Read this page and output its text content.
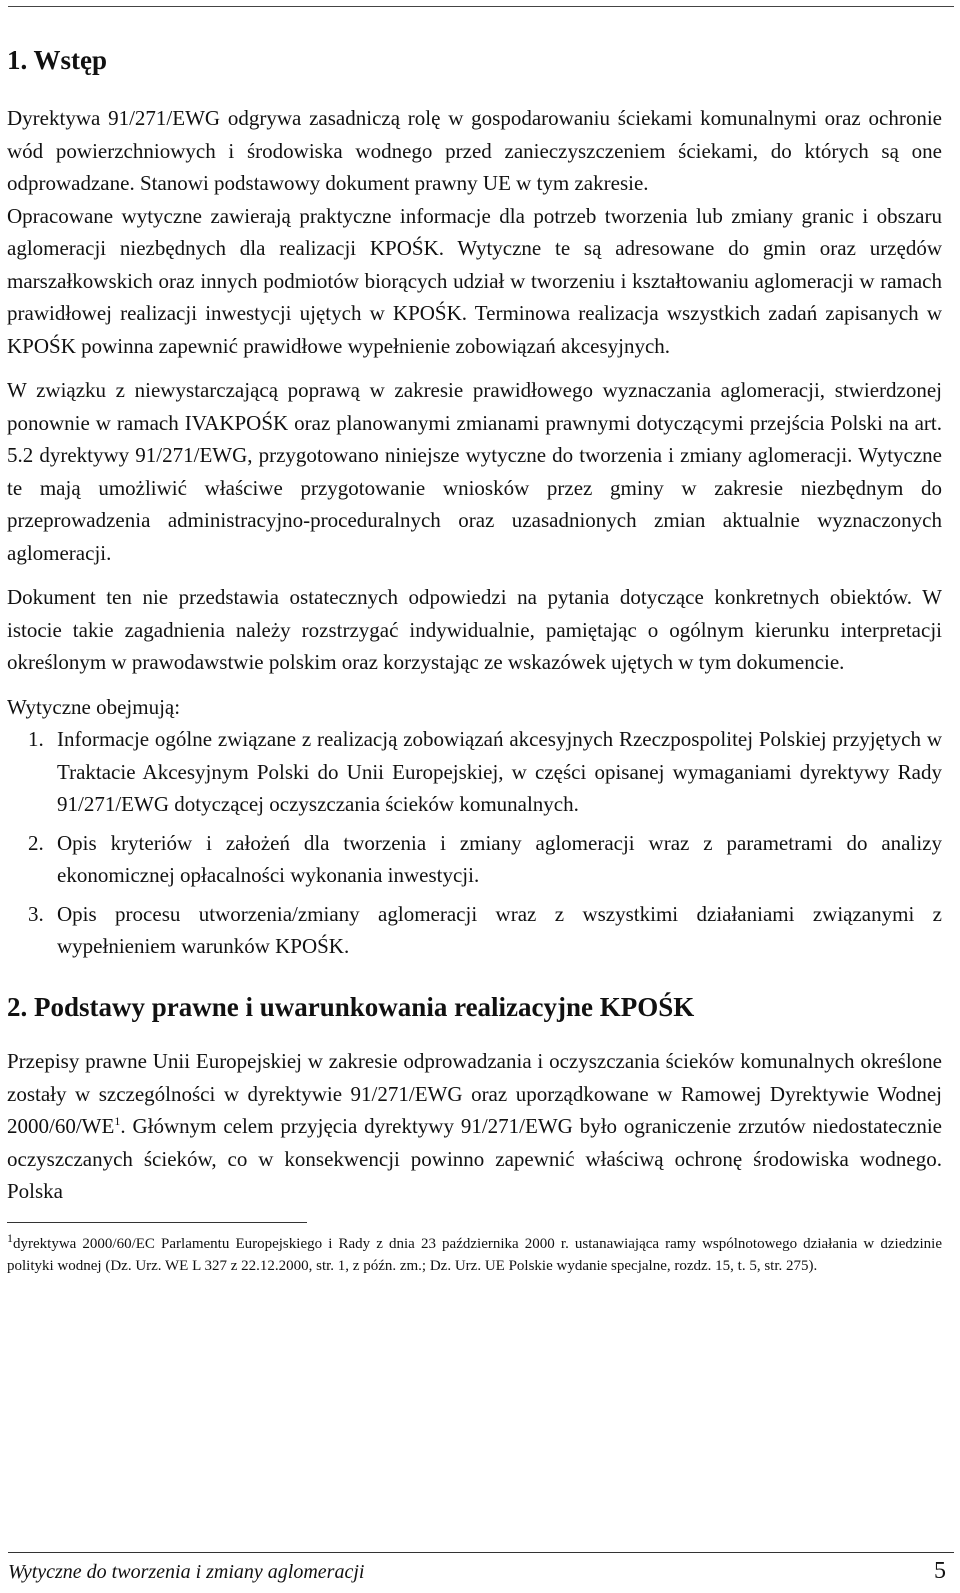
1. Wstęp

Dyrektywa 91/271/EWG odgrywa zasadniczą rolę w gospodarowaniu ściekami komunalnymi oraz ochronie wód powierzchniowych i środowiska wodnego przed zanieczyszczeniem ściekami, do których są one odprowadzane. Stanowi podstawowy dokument prawny UE w tym zakresie.

Opracowane wytyczne zawierają praktyczne informacje dla potrzeb tworzenia lub zmiany granic i obszaru aglomeracji niezbędnych dla realizacji KPOŚK. Wytyczne te są adresowane do gmin oraz urzędów marszałkowskich oraz innych podmiotów biorących udział w tworzeniu i kształtowaniu aglomeracji w ramach prawidłowej realizacji inwestycji ujętych w KPOŚK. Terminowa realizacja wszystkich zadań zapisanych w KPOŚK powinna zapewnić prawidłowe wypełnienie zobowiązań akcesyjnych.

W związku z niewystarczającą poprawą w zakresie prawidłowego wyznaczania aglomeracji, stwierdzonej ponownie w ramach IVAKPOŚK oraz planowanymi zmianami prawnymi dotyczącymi przejścia Polski na art. 5.2 dyrektywy 91/271/EWG, przygotowano niniejsze wytyczne do tworzenia i zmiany aglomeracji. Wytyczne te mają umożliwić właściwe przygotowanie wniosków przez gminy w zakresie niezbędnym do przeprowadzenia administracyjno-proceduralnych oraz uzasadnionych zmian aktualnie wyznaczonych aglomeracji.

Dokument ten nie przedstawia ostatecznych odpowiedzi na pytania dotyczące konkretnych obiektów. W istocie takie zagadnienia należy rozstrzygać indywidualnie, pamiętając o ogólnym kierunku interpretacji określonym w prawodawstwie polskim oraz korzystając ze wskazówek ujętych w tym dokumencie.

Wytyczne obejmują:

1. Informacje ogólne związane z realizacją zobowiązań akcesyjnych Rzeczpospolitej Polskiej przyjętych w Traktacie Akcesyjnym Polski do Unii Europejskiej, w części opisanej wymaganiami dyrektywy Rady 91/271/EWG dotyczącej oczyszczania ścieków komunalnych.
2. Opis kryteriów i założeń dla tworzenia i zmiany aglomeracji wraz z parametrami do analizy ekonomicznej opłacalności wykonania inwestycji.
3. Opis procesu utworzenia/zmiany aglomeracji wraz z wszystkimi działaniami związanymi z wypełnieniem warunków KPOŚK.
2. Podstawy prawne i uwarunkowania realizacyjne KPOŚK

Przepisy prawne Unii Europejskiej w zakresie odprowadzania i oczyszczania ścieków komunalnych określone zostały w szczególności w dyrektywie 91/271/EWG oraz uporządkowane w Ramowej Dyrektywie Wodnej $2000/60/WE^1$. Głównym celem przyjęcia dyrektywy 91/271/EWG było ograniczenie zrzutów niedostatecznie oczyszczanych ścieków, co w konsekwencji powinno zapewnić właściwą ochronę środowiska wodnego. Polska

$^1$dyrektywa 2000/60/EC Parlamentu Europejskiego i Rady z dnia 23 października 2000 r. ustanawiająca ramy wspólnotowego działania w dziedzinie polityki wodnej (Dz. Urz. WE L 327 z 22.12.2000, str. 1, z późn. zm.; Dz. Urz. UE Polskie wydanie specjalne, rozdz. 15, t. 5, str. 275).

Wytyczne do tworzenia i zmiany aglomeracji	5
